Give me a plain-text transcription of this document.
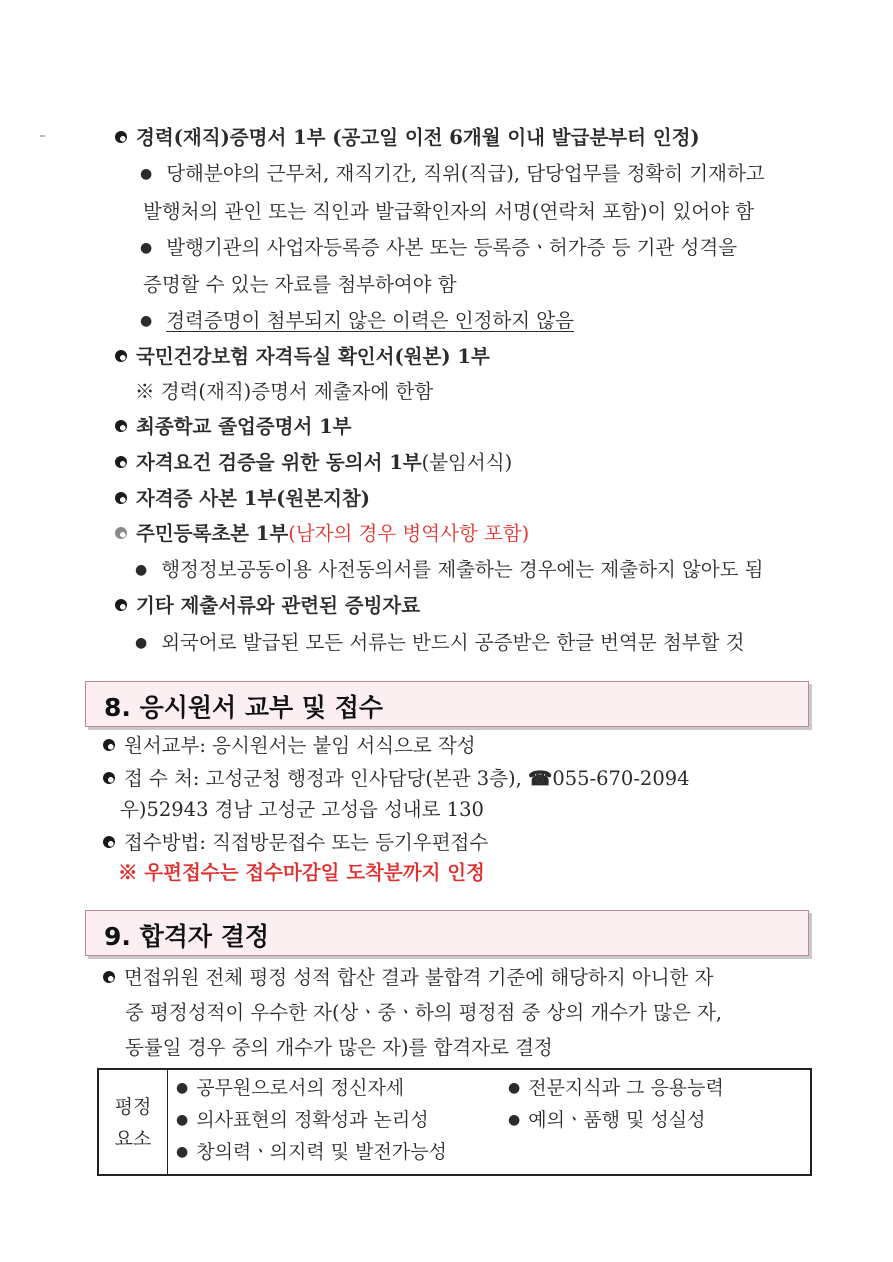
경력(재직)증명서 1부 (공고일 이전 6개월 이내 발급분부터 인정)
● 당해분야의 근무처, 재직기간, 직위(직급), 담당업무를 정확히 기재하고
발행처의 관인 또는 직인과 발급확인자의 서명(연락처 포함)이 있어야 함
● 발행기관의 사업자등록증 사본 또는 등록증ㆍ허가증 등 기관 성격을
증명할 수 있는 자료를 첨부하여야 함
● 경력증명이 첨부되지 않은 이력은 인정하지 않음
국민건강보험 자격득실 확인서(원본) 1부
※ 경력(재직)증명서 제출자에 한함
최종학교 졸업증명서 1부
자격요건 검증을 위한 동의서 1부(붙임서식)
자격증 사본 1부(원본지참)
주민등록초본 1부(남자의 경우 병역사항 포함)
● 행정정보공동이용 사전동의서를 제출하는 경우에는 제출하지 않아도 됨
기타 제출서류와 관련된 증빙자료
● 외국어로 발급된 모든 서류는 반드시 공증받은 한글 번역문 첨부할 것
8. 응시원서 교부 및 접수
원서교부: 응시원서는 붙임 서식으로 작성
접 수 처: 고성군청 행정과 인사담당(본관 3층), ☎055-670-2094
우)52943 경남 고성군 고성읍 성내로 130
접수방법: 직접방문접수 또는 등기우편접수
※ 우편접수는 접수마감일 도착분까지 인정
9. 합격자 결정
면접위원 전체 평정 성적 합산 결과 불합격 기준에 해당하지 아니한 자
중 평정성적이 우수한 자(상ㆍ중ㆍ하의 평정점 중 상의 개수가 많은 자,
동률일 경우 중의 개수가 많은 자)를 합격자로 결정
평정
요소

● 공무원으로서의 정신자세	● 전문지식과 그 응용능력
● 의사표현의 정확성과 논리성	● 예의ㆍ품행 및 성실성
● 창의력ㆍ의지력 및 발전가능성
